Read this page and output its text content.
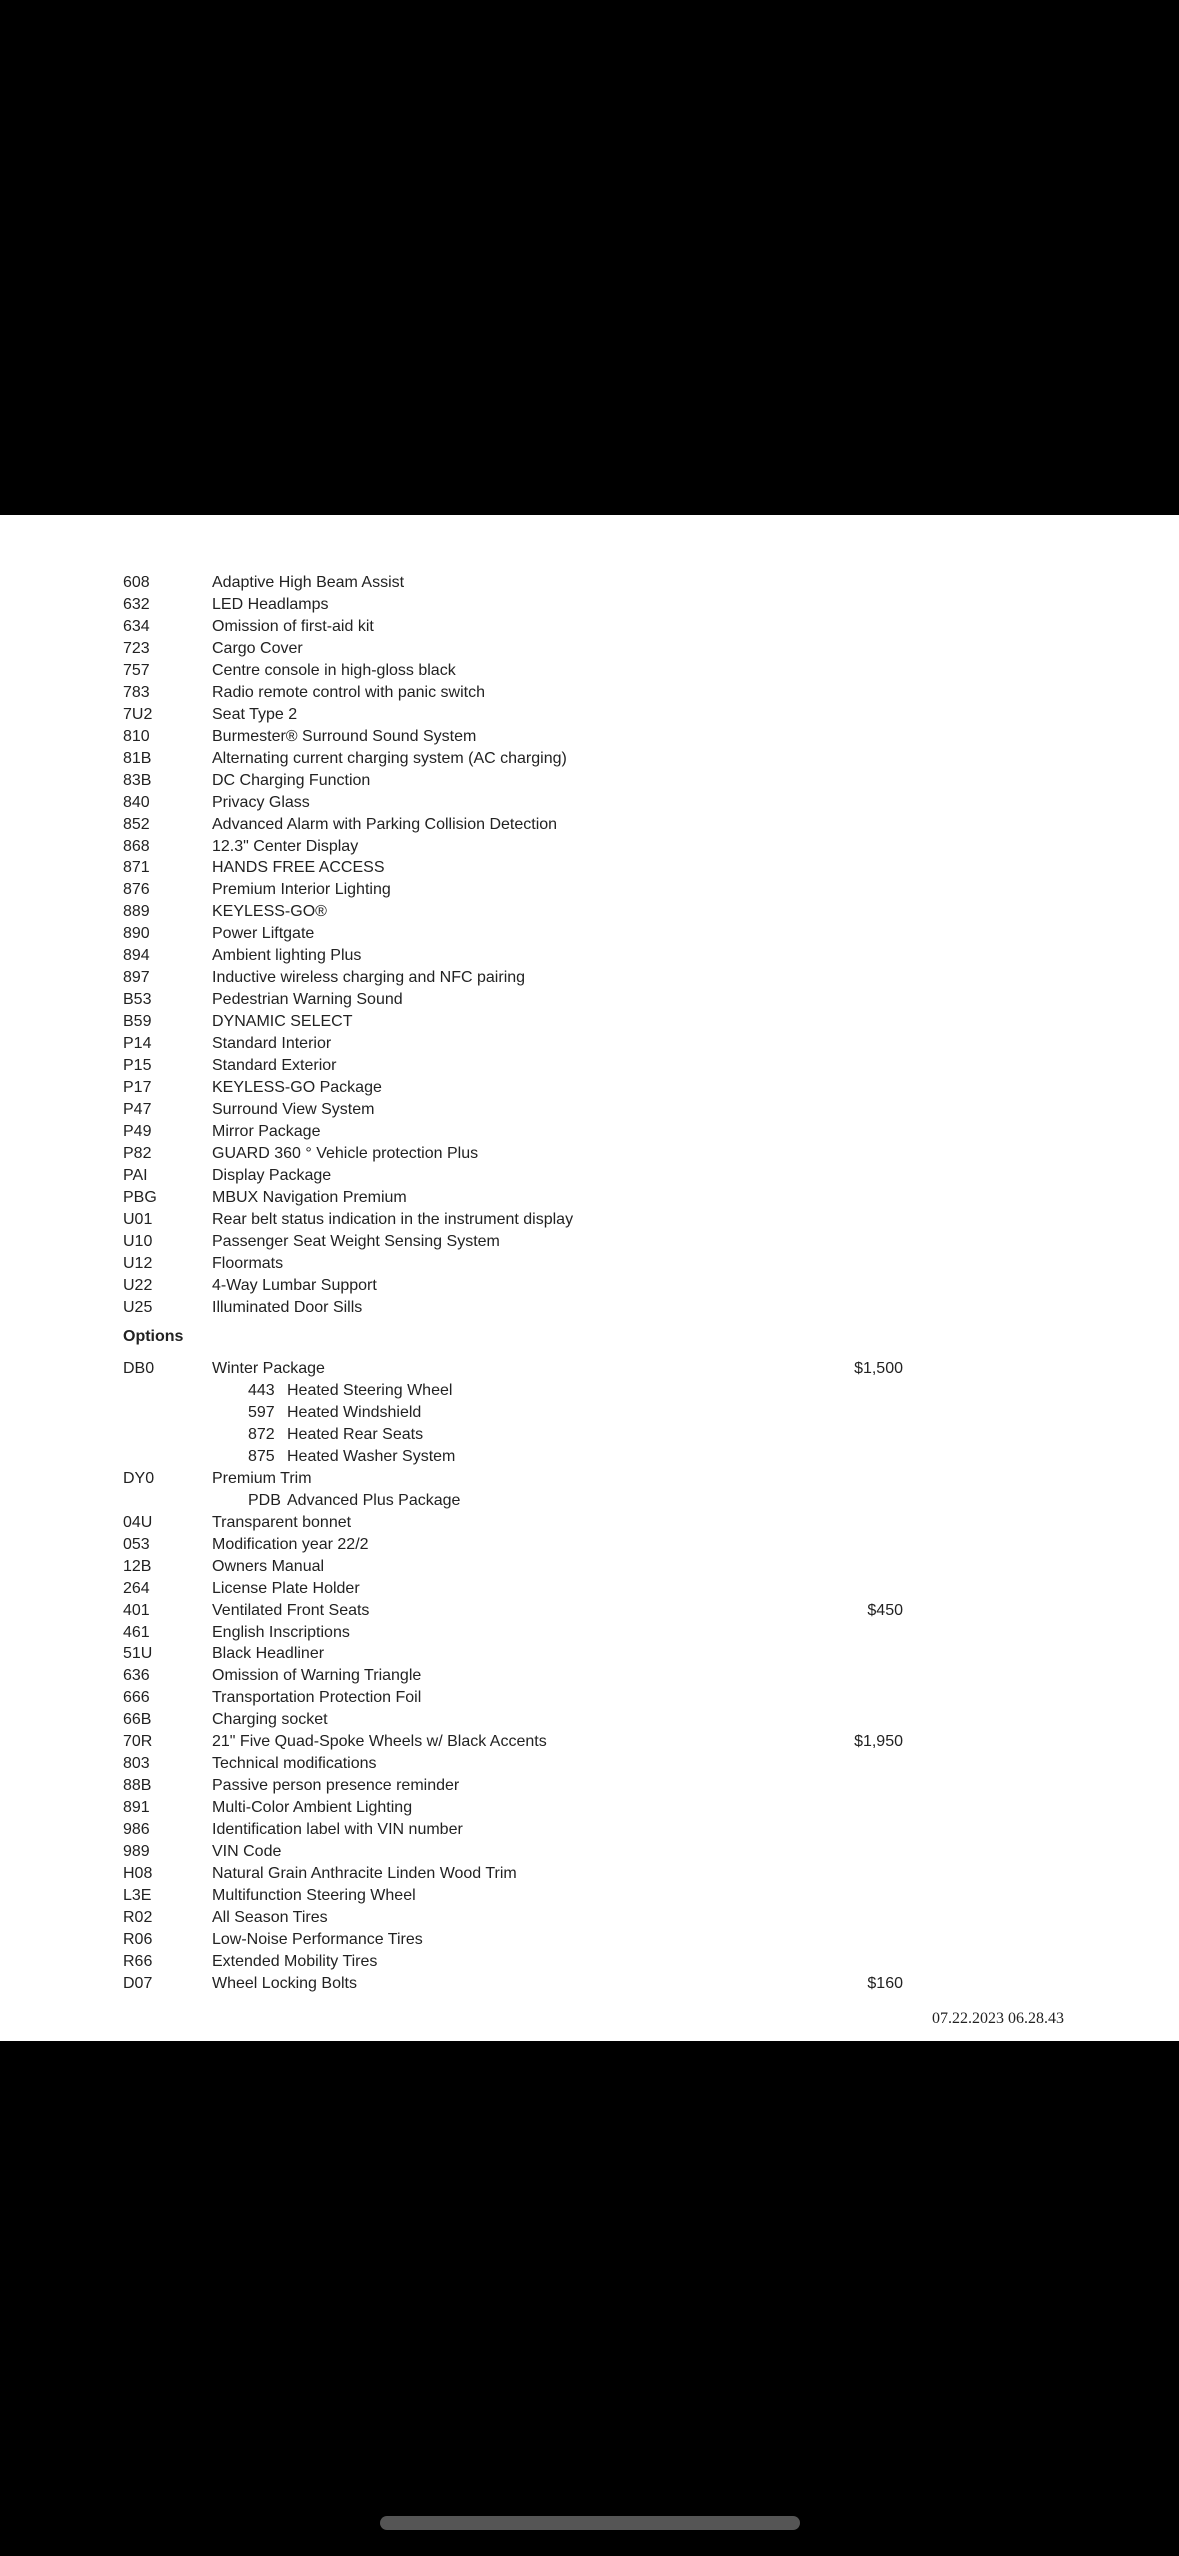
Options
07.22.2023 06.28.43
608	Adaptive High Beam Assist
632	LED Headlamps
634	Omission of first-aid kit
723	Cargo Cover
757	Centre console in high-gloss black
783	Radio remote control with panic switch
7U2	Seat Type 2
810	Burmester® Surround Sound System
81B	Alternating current charging system (AC charging)
83B	DC Charging Function
840	Privacy Glass
852	Advanced Alarm with Parking Collision Detection
868	12.3" Center Display
871	HANDS FREE ACCESS
876	Premium Interior Lighting
889	KEYLESS-GO®
890	Power Liftgate
894	Ambient lighting Plus
897	Inductive wireless charging and NFC pairing
B53	Pedestrian Warning Sound
B59	DYNAMIC SELECT
P14	Standard Interior
P15	Standard Exterior
P17	KEYLESS-GO Package
P47	Surround View System
P49	Mirror Package
P82	GUARD 360 ° Vehicle protection Plus
PAI	Display Package
PBG	MBUX Navigation Premium
U01	Rear belt status indication in the instrument display
U10	Passenger Seat Weight Sensing System
U12	Floormats
U22	4-Way Lumbar Support
U25	Illuminated Door Sills
DB0	Winter Package	$1,500
443 Heated Steering Wheel
597 Heated Windshield
872 Heated Rear Seats
875 Heated Washer System
DY0	Premium Trim
PDB Advanced Plus Package
04U	Transparent bonnet
053	Modification year 22/2
12B	Owners Manual
264	License Plate Holder
401	Ventilated Front Seats	$450
461	English Inscriptions
51U	Black Headliner
636	Omission of Warning Triangle
666	Transportation Protection Foil
66B	Charging socket
70R	21" Five Quad-Spoke Wheels w/ Black Accents	$1,950
803	Technical modifications
88B	Passive person presence reminder
891	Multi-Color Ambient Lighting
986	Identification label with VIN number
989	VIN Code
H08	Natural Grain Anthracite Linden Wood Trim
L3E	Multifunction Steering Wheel
R02	All Season Tires
R06	Low-Noise Performance Tires
R66	Extended Mobility Tires
D07	Wheel Locking Bolts	$160
